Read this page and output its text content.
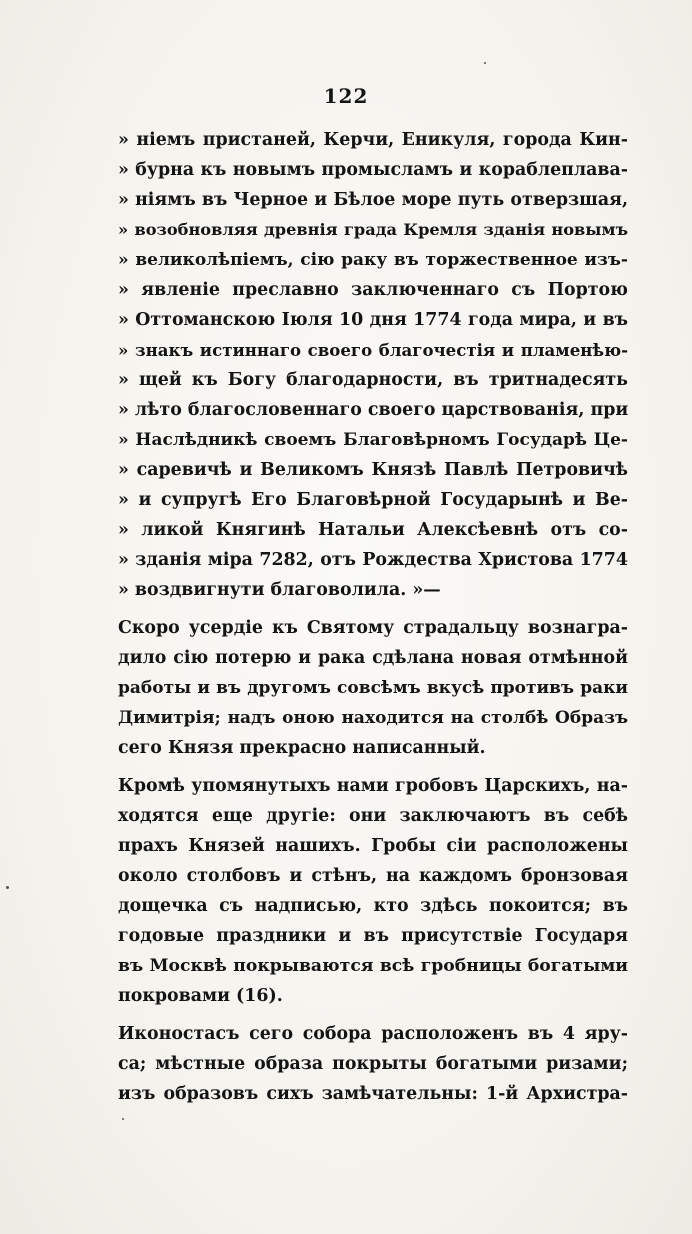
122
» нiемъ пристаней, Керчи, Еникуля, города Кин-
» бурна къ новымъ промысламъ и кораблеплава-
» нiямъ въ Черное и Бѣлое море путь отверзшая,
» возобновляя древнiя града Кремля зданiя новымъ
» великолѣпiемъ, сiю раку въ торжественное изъ-
» явленiе преславно заключеннаго съ Портою
» Оттоманскою Iюля 10 дня 1774 года мира, и въ
» знакъ истиннаго своего благочестiя и пламенѣю-
» щей къ Богу благодарности, въ тритнадесять
» лѣто благословеннаго своего царствованiя, при
» Наслѣдникѣ своемъ Благовѣрномъ Государѣ Це-
» саревичѣ и Великомъ Князѣ Павлѣ Петровичѣ
» и супругѣ Его Благовѣрной Государынѣ и Ве-
» ликой Княгинѣ Натальи Алексѣевнѣ отъ со-
» зданiя мiра 7282, отъ Рождества Христова 1774
» воздвигнути благоволила. »—
Скоро усердiе къ Святому страдальцу вознагра-
дило сiю потерю и рака сдѣлана новая отмѣнной
работы и въ другомъ совсѣмъ вкусѣ противъ раки
Димитрiя; надъ оною находится на столбѣ Образъ
сего Князя прекрасно написанный.
Кромѣ упомянутыхъ нами гробовъ Царскихъ, на-
ходятся еще другiе: они заключаютъ въ себѣ
прахъ Князей нашихъ. Гробы сiи расположены
около столбовъ и стѣнъ, на каждомъ бронзовая
дощечка съ надписью, кто здѣсь покоится; въ
годовые праздники и въ присутствiе Государя
въ Москвѣ покрываются всѣ гробницы богатыми
покровами (16).
Иконостасъ сего собора расположенъ въ 4 яру-
са; мѣстные образа покрыты богатыми ризами;
изъ образовъ сихъ замѣчательны: 1-й Архистра-
